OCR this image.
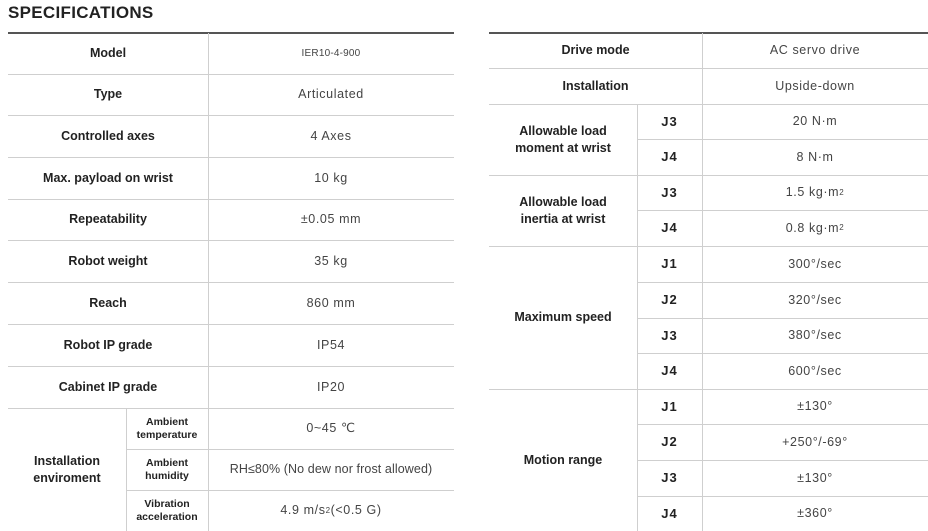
SPECIFICATIONS
Model	IER10-4-900
Type	Articulated
Controlled axes	4 Axes
Max. payload on wrist	10 kg
Repeatability	±0.05 mm
Robot weight	35 kg
Reach	860 mm
Robot IP grade	IP54
Cabinet IP grade	IP20
Installation
enviroment
Ambient
temperature	0~45 ℃
Ambient
humidity	RH≤80% (No dew nor frost allowed)
Vibration
acceleration	4.9 m/s 2 (<0.5 G)
Drive mode	AC servo drive
Installation	Upside-down
Allowable load
moment at wrist
J3	20 N·m
J4	8 N·m
Allowable load
inertia at wrist
J3	1.5 kg·m 2
J4	0.8 kg·m 2
Maximum speed
J1	300°/sec
J2	320°/sec
J3	380°/sec
J4	600°/sec
Motion range
J1	±130°
J2	+250°/-69°
J3	±130°
J4	±360°
